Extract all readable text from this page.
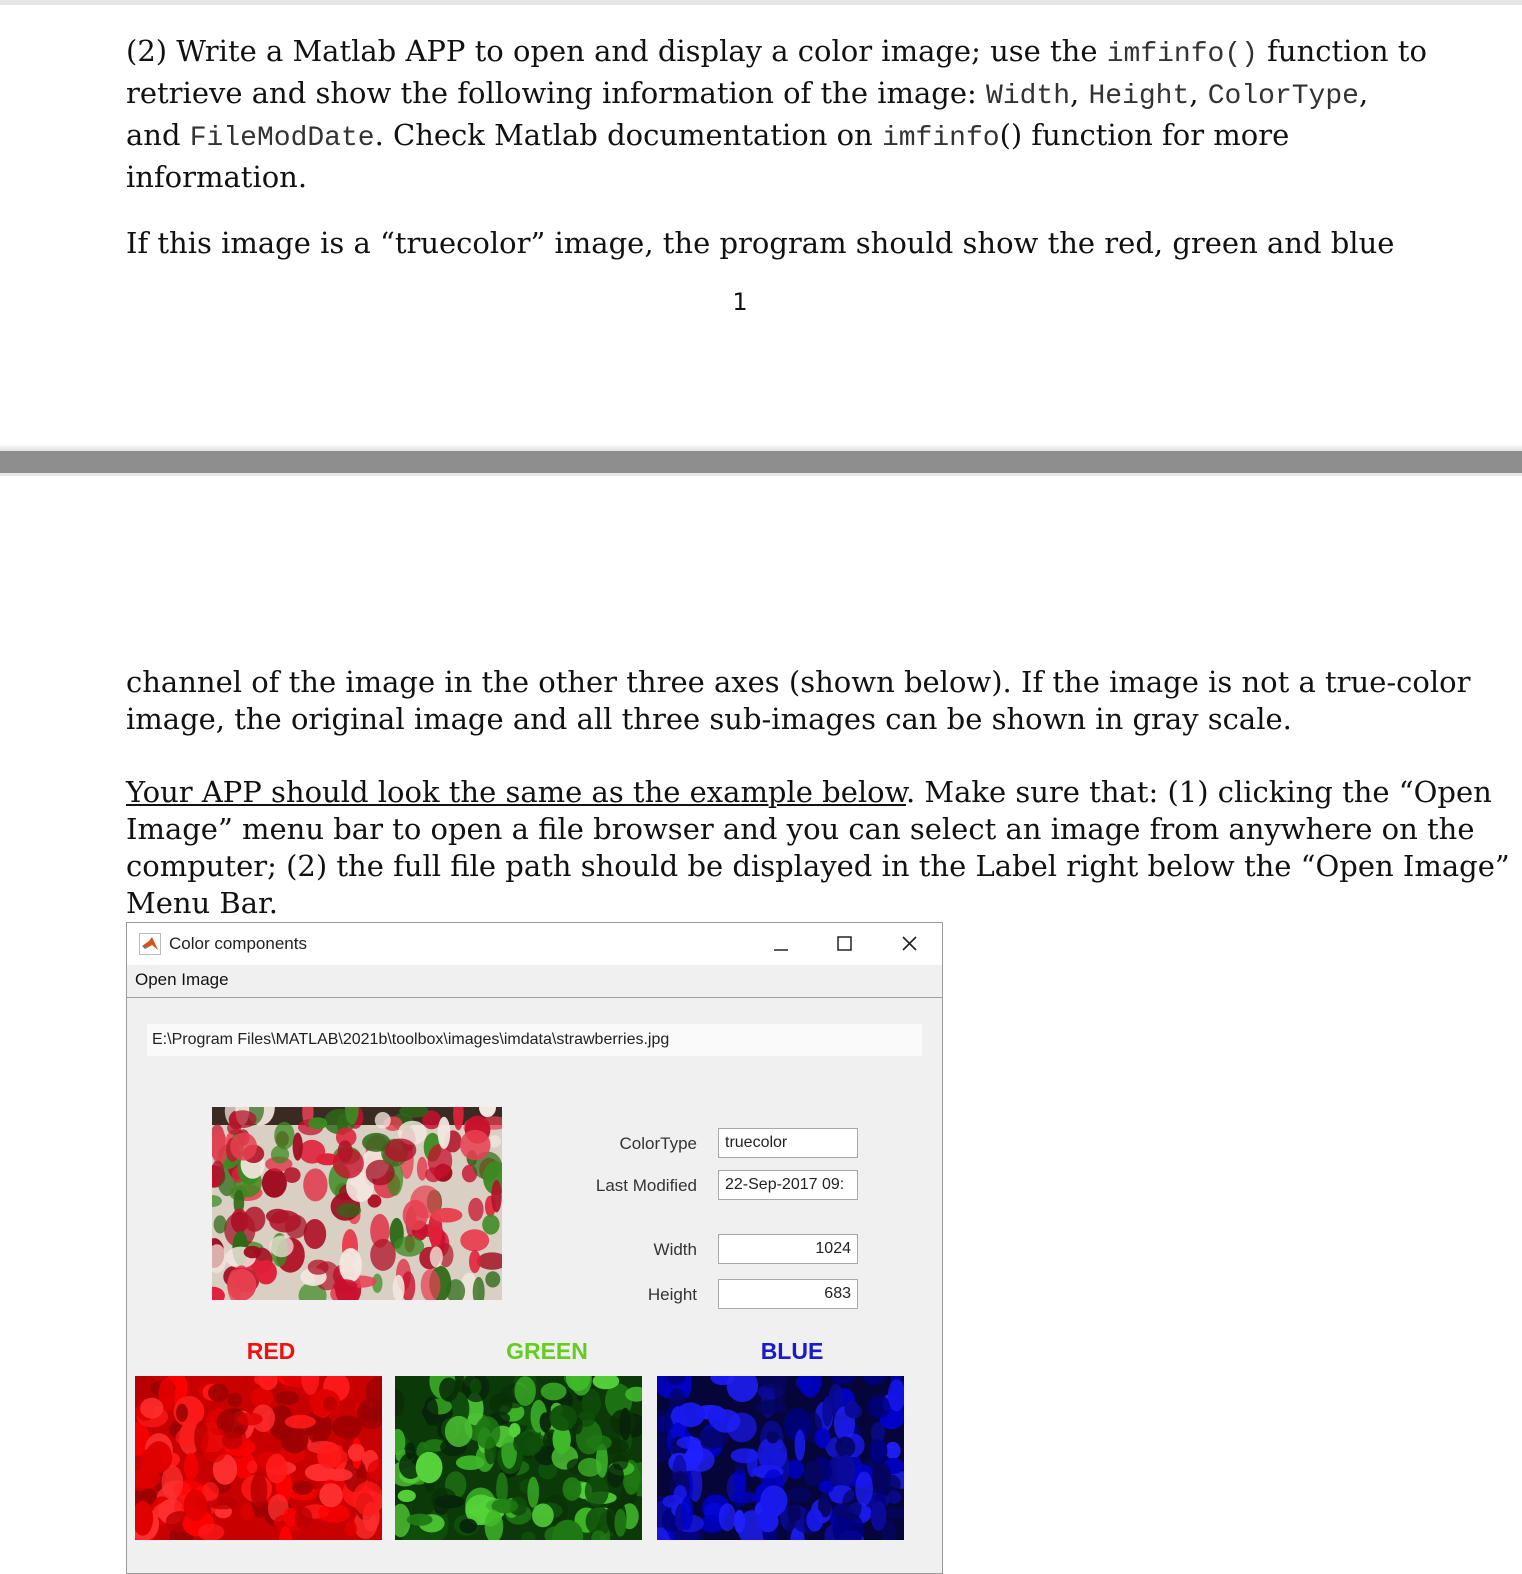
(2) Write a Matlab APP to open and display a color image; use the imfinfo() function to
retrieve and show the following information of the image: Width, Height, ColorType,
and FileModDate. Check Matlab documentation on imfinfo() function for more
information.

If this image is a “truecolor” image, the program should show the red, green and blue

1

channel of the image in the other three axes (shown below). If the image is not a true-color
image, the original image and all three sub-images can be shown in gray scale.

Your APP should look the same as the example below. Make sure that: (1) clicking the “Open
Image” menu bar to open a file browser and you can select an image from anywhere on the
computer; (2) the full file path should be displayed in the Label right below the “Open Image”
Menu Bar.

Color components
Open Image
E:\Program Files\MATLAB\2021b\toolbox\images\imdata\strawberries.jpg
ColorType	truecolor
Last Modified	22-Sep-2017 09:
Width	1024
Height	683
RED	GREEN	BLUE
